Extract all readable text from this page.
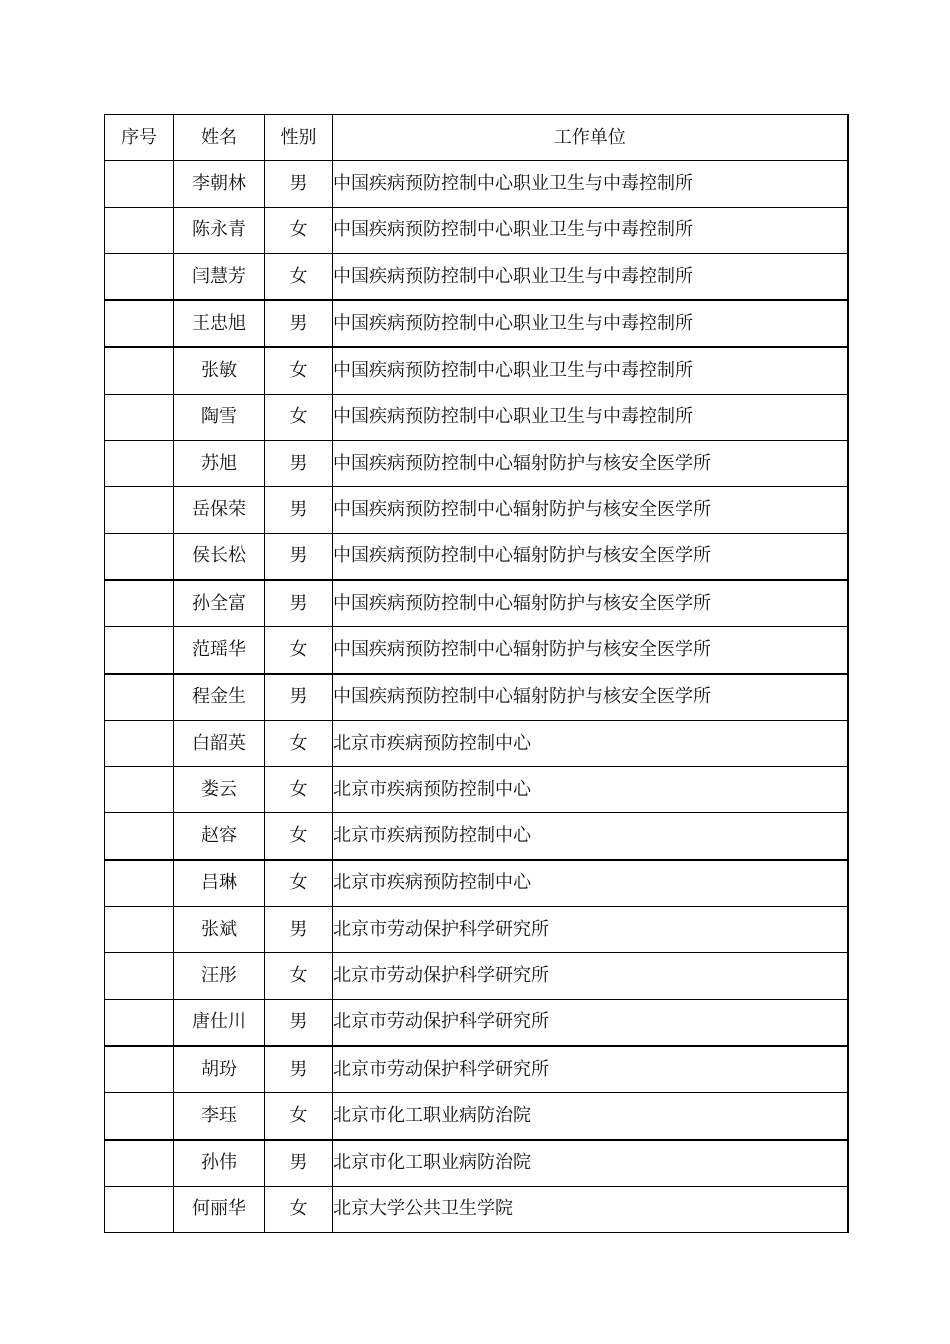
序号	姓名	性别	工作单位
	李朝林	男	中国疾病预防控制中心职业卫生与中毒控制所
	陈永青	女	中国疾病预防控制中心职业卫生与中毒控制所
	闫慧芳	女	中国疾病预防控制中心职业卫生与中毒控制所
	王忠旭	男	中国疾病预防控制中心职业卫生与中毒控制所
	张敏	女	中国疾病预防控制中心职业卫生与中毒控制所
	陶雪	女	中国疾病预防控制中心职业卫生与中毒控制所
	苏旭	男	中国疾病预防控制中心辐射防护与核安全医学所
	岳保荣	男	中国疾病预防控制中心辐射防护与核安全医学所
	侯长松	男	中国疾病预防控制中心辐射防护与核安全医学所
	孙全富	男	中国疾病预防控制中心辐射防护与核安全医学所
	范瑶华	女	中国疾病预防控制中心辐射防护与核安全医学所
	程金生	男	中国疾病预防控制中心辐射防护与核安全医学所
	白韶英	女	北京市疾病预防控制中心
	娄云	女	北京市疾病预防控制中心
	赵容	女	北京市疾病预防控制中心
	吕琳	女	北京市疾病预防控制中心
	张斌	男	北京市劳动保护科学研究所
	汪彤	女	北京市劳动保护科学研究所
	唐仕川	男	北京市劳动保护科学研究所
	胡玢	男	北京市劳动保护科学研究所
	李珏	女	北京市化工职业病防治院
	孙伟	男	北京市化工职业病防治院
	何丽华	女	北京大学公共卫生学院
